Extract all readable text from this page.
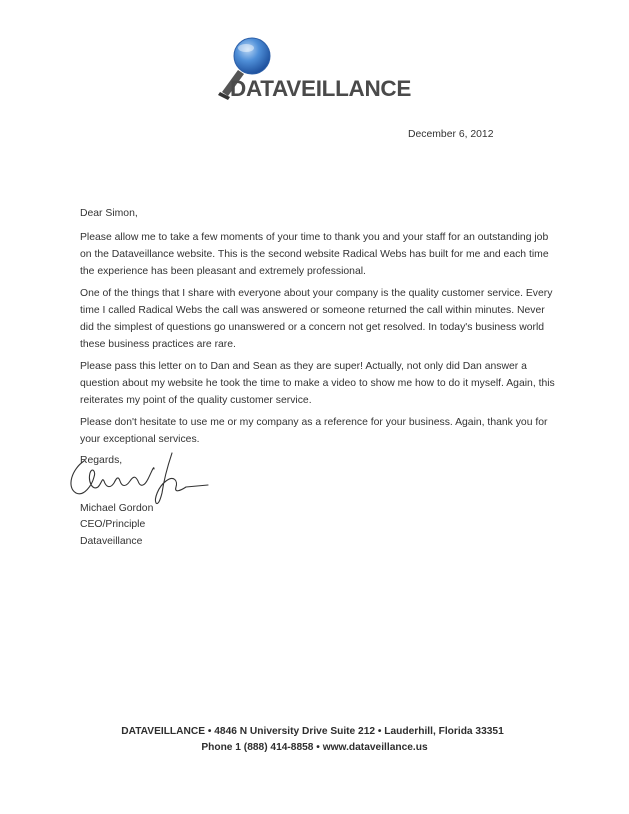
DATAVEILLANCE
December 6, 2012
Dear Simon,

Please allow me to take a few moments of your time to thank you and your staff for an outstanding job

on the Dataveillance website. This is the second website Radical Webs has built for me and each time

the experience has been pleasant and extremely professional.

One of the things that I share with everyone about your company is the quality customer service. Every

time I called Radical Webs the call was answered or someone returned the call within minutes. Never

did the simplest of questions go unanswered or a concern not get resolved. In today's business world

these business practices are rare.

Please pass this letter on to Dan and Sean as they are super! Actually, not only did Dan answer a

question about my website he took the time to make a video to show me how to do it myself. Again, this

reiterates my point of the quality customer service.

Please don't hesitate to use me or my company as a reference for your business. Again, thank you for

your exceptional services.

Regards,
Michael Gordon
CEO/Principle
Dataveillance
DATAVEILLANCE • 4846 N University Drive Suite 212 • Lauderhill, Florida 33351
Phone 1 (888) 414-8858 • www.dataveillance.us
